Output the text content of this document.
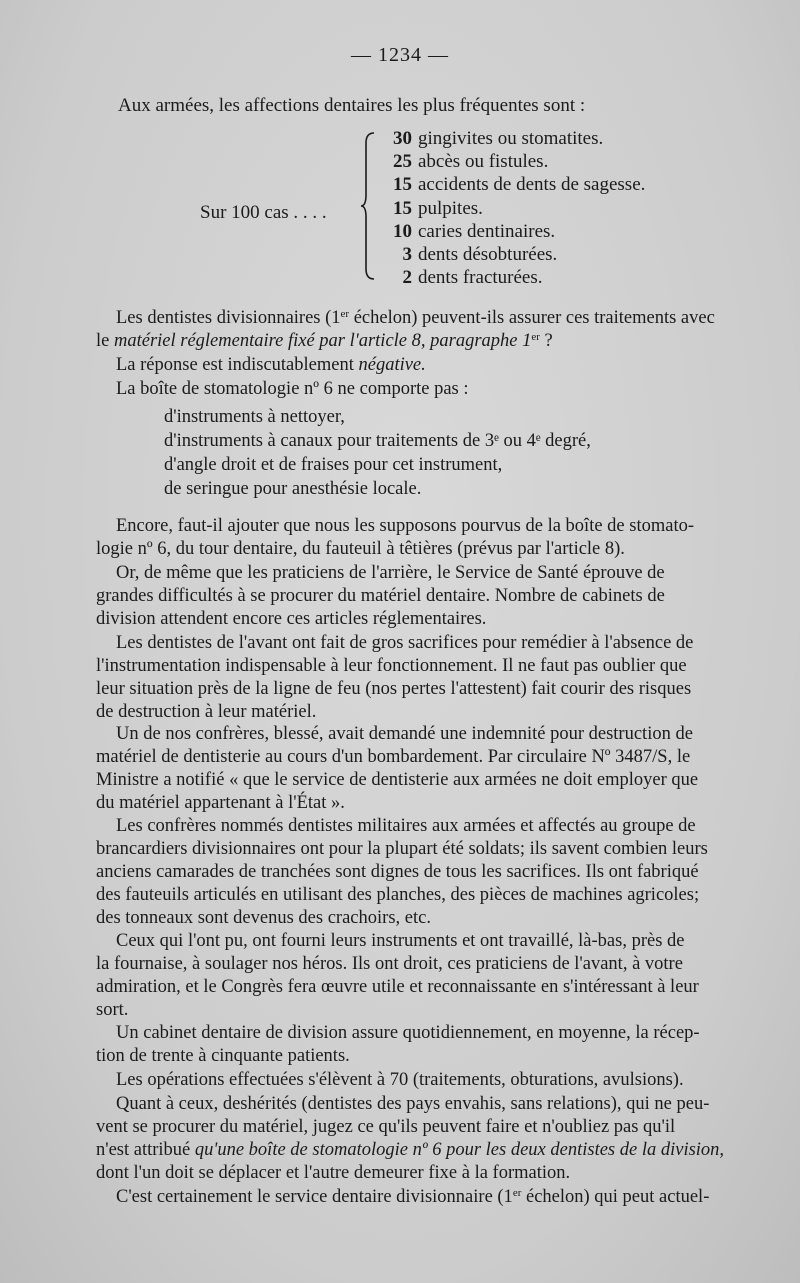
— 1234 —
Aux armées, les affections dentaires les plus fréquentes sont :
Sur 100 cas . . . .
30 gingivites ou stomatites.
25 abcès ou fistules.
15 accidents de dents de sagesse.
15 pulpites.
10 caries dentinaires.
3 dents désobturées.
2 dents fracturées.
Les dentistes divisionnaires (1er échelon) peuvent-ils assurer ces traitements avec
le matériel réglementaire fixé par l'article 8, paragraphe 1er ?
La réponse est indiscutablement négative.
La boîte de stomatologie nº 6 ne comporte pas :
d'instruments à nettoyer,
d'instruments à canaux pour traitements de 3ᵉ ou 4ᵉ degré,
d'angle droit et de fraises pour cet instrument,
de seringue pour anesthésie locale.
Encore, faut-il ajouter que nous les supposons pourvus de la boîte de stomato-
logie nº 6, du tour dentaire, du fauteuil à têtières (prévus par l'article 8).
Or, de même que les praticiens de l'arrière, le Service de Santé éprouve de
grandes difficultés à se procurer du matériel dentaire. Nombre de cabinets de
division attendent encore ces articles réglementaires.
Les dentistes de l'avant ont fait de gros sacrifices pour remédier à l'absence de
l'instrumentation indispensable à leur fonctionnement. Il ne faut pas oublier que
leur situation près de la ligne de feu (nos pertes l'attestent) fait courir des risques
de destruction à leur matériel.
Un de nos confrères, blessé, avait demandé une indemnité pour destruction de
matériel de dentisterie au cours d'un bombardement. Par circulaire Nº 3487/S, le
Ministre a notifié « que le service de dentisterie aux armées ne doit employer que
du matériel appartenant à l'État ».
Les confrères nommés dentistes militaires aux armées et affectés au groupe de
brancardiers divisionnaires ont pour la plupart été soldats; ils savent combien leurs
anciens camarades de tranchées sont dignes de tous les sacrifices. Ils ont fabriqué
des fauteuils articulés en utilisant des planches, des pièces de machines agricoles;
des tonneaux sont devenus des crachoirs, etc.
Ceux qui l'ont pu, ont fourni leurs instruments et ont travaillé, là-bas, près de
la fournaise, à soulager nos héros. Ils ont droit, ces praticiens de l'avant, à votre
admiration, et le Congrès fera œuvre utile et reconnaissante en s'intéressant à leur
sort.
Un cabinet dentaire de division assure quotidiennement, en moyenne, la récep-
tion de trente à cinquante patients.
Les opérations effectuées s'élèvent à 70 (traitements, obturations, avulsions).
Quant à ceux, deshérités (dentistes des pays envahis, sans relations), qui ne peu-
vent se procurer du matériel, jugez ce qu'ils peuvent faire et n'oubliez pas qu'il
n'est attribué qu'une boîte de stomatologie nº 6 pour les deux dentistes de la division,
dont l'un doit se déplacer et l'autre demeurer fixe à la formation.
C'est certainement le service dentaire divisionnaire (1er échelon) qui peut actuel-
